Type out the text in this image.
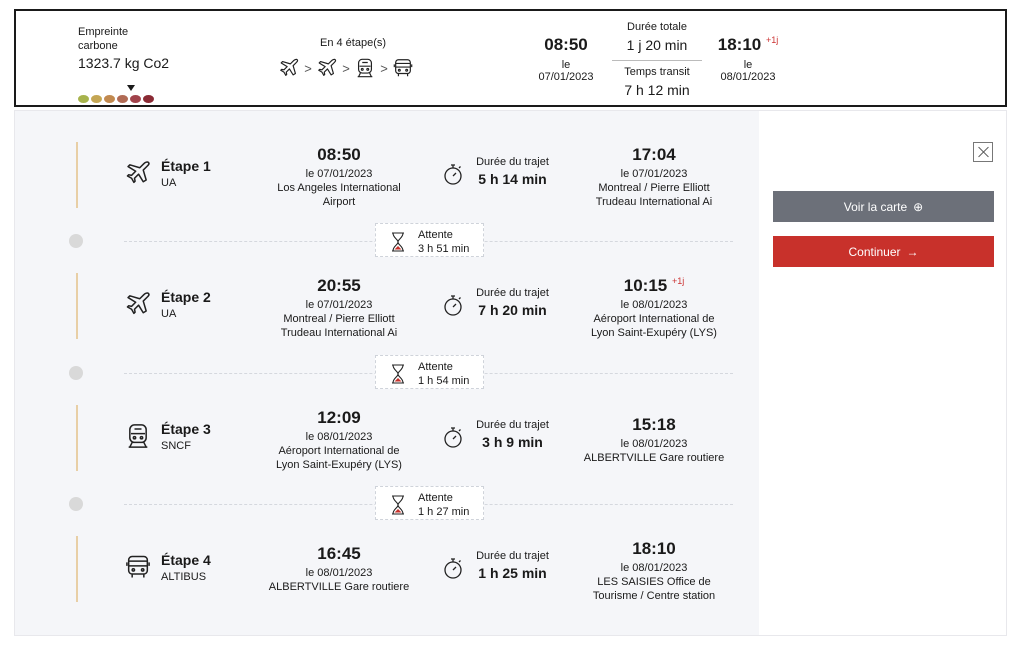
Empreinte carbone
1323.7 kg Co2
En 4 étape(s)
> > >
08:50
le
07/01/2023
Durée totale
1 j 20 min
Temps transit
7 h 12 min
18:10 $^{+1j}$
le
08/01/2023
Étape 1
UA
08:50
le 07/01/2023
Los Angeles International
Airport
Durée du trajet
5 h 14 min
17:04
le 07/01/2023
Montreal / Pierre Elliott
Trudeau International Ai
Attente
3 h 51 min
Étape 2
UA
20:55
le 07/01/2023
Montreal / Pierre Elliott
Trudeau International Ai
Durée du trajet
7 h 20 min
10:15 $^{+1j}$
le 08/01/2023
Aéroport International de
Lyon Saint-Exupéry (LYS)
Attente
1 h 54 min
Étape 3
SNCF
12:09
le 08/01/2023
Aéroport International de
Lyon Saint-Exupéry (LYS)
Durée du trajet
3 h 9 min
15:18
le 08/01/2023
ALBERTVILLE Gare routiere
Attente
1 h 27 min
Étape 4
ALTIBUS
16:45
le 08/01/2023
ALBERTVILLE Gare routiere
Durée du trajet
1 h 25 min
18:10
le 08/01/2023
LES SAISIES Office de
Tourisme / Centre station
Voir la carte ⊕
Continuer →
